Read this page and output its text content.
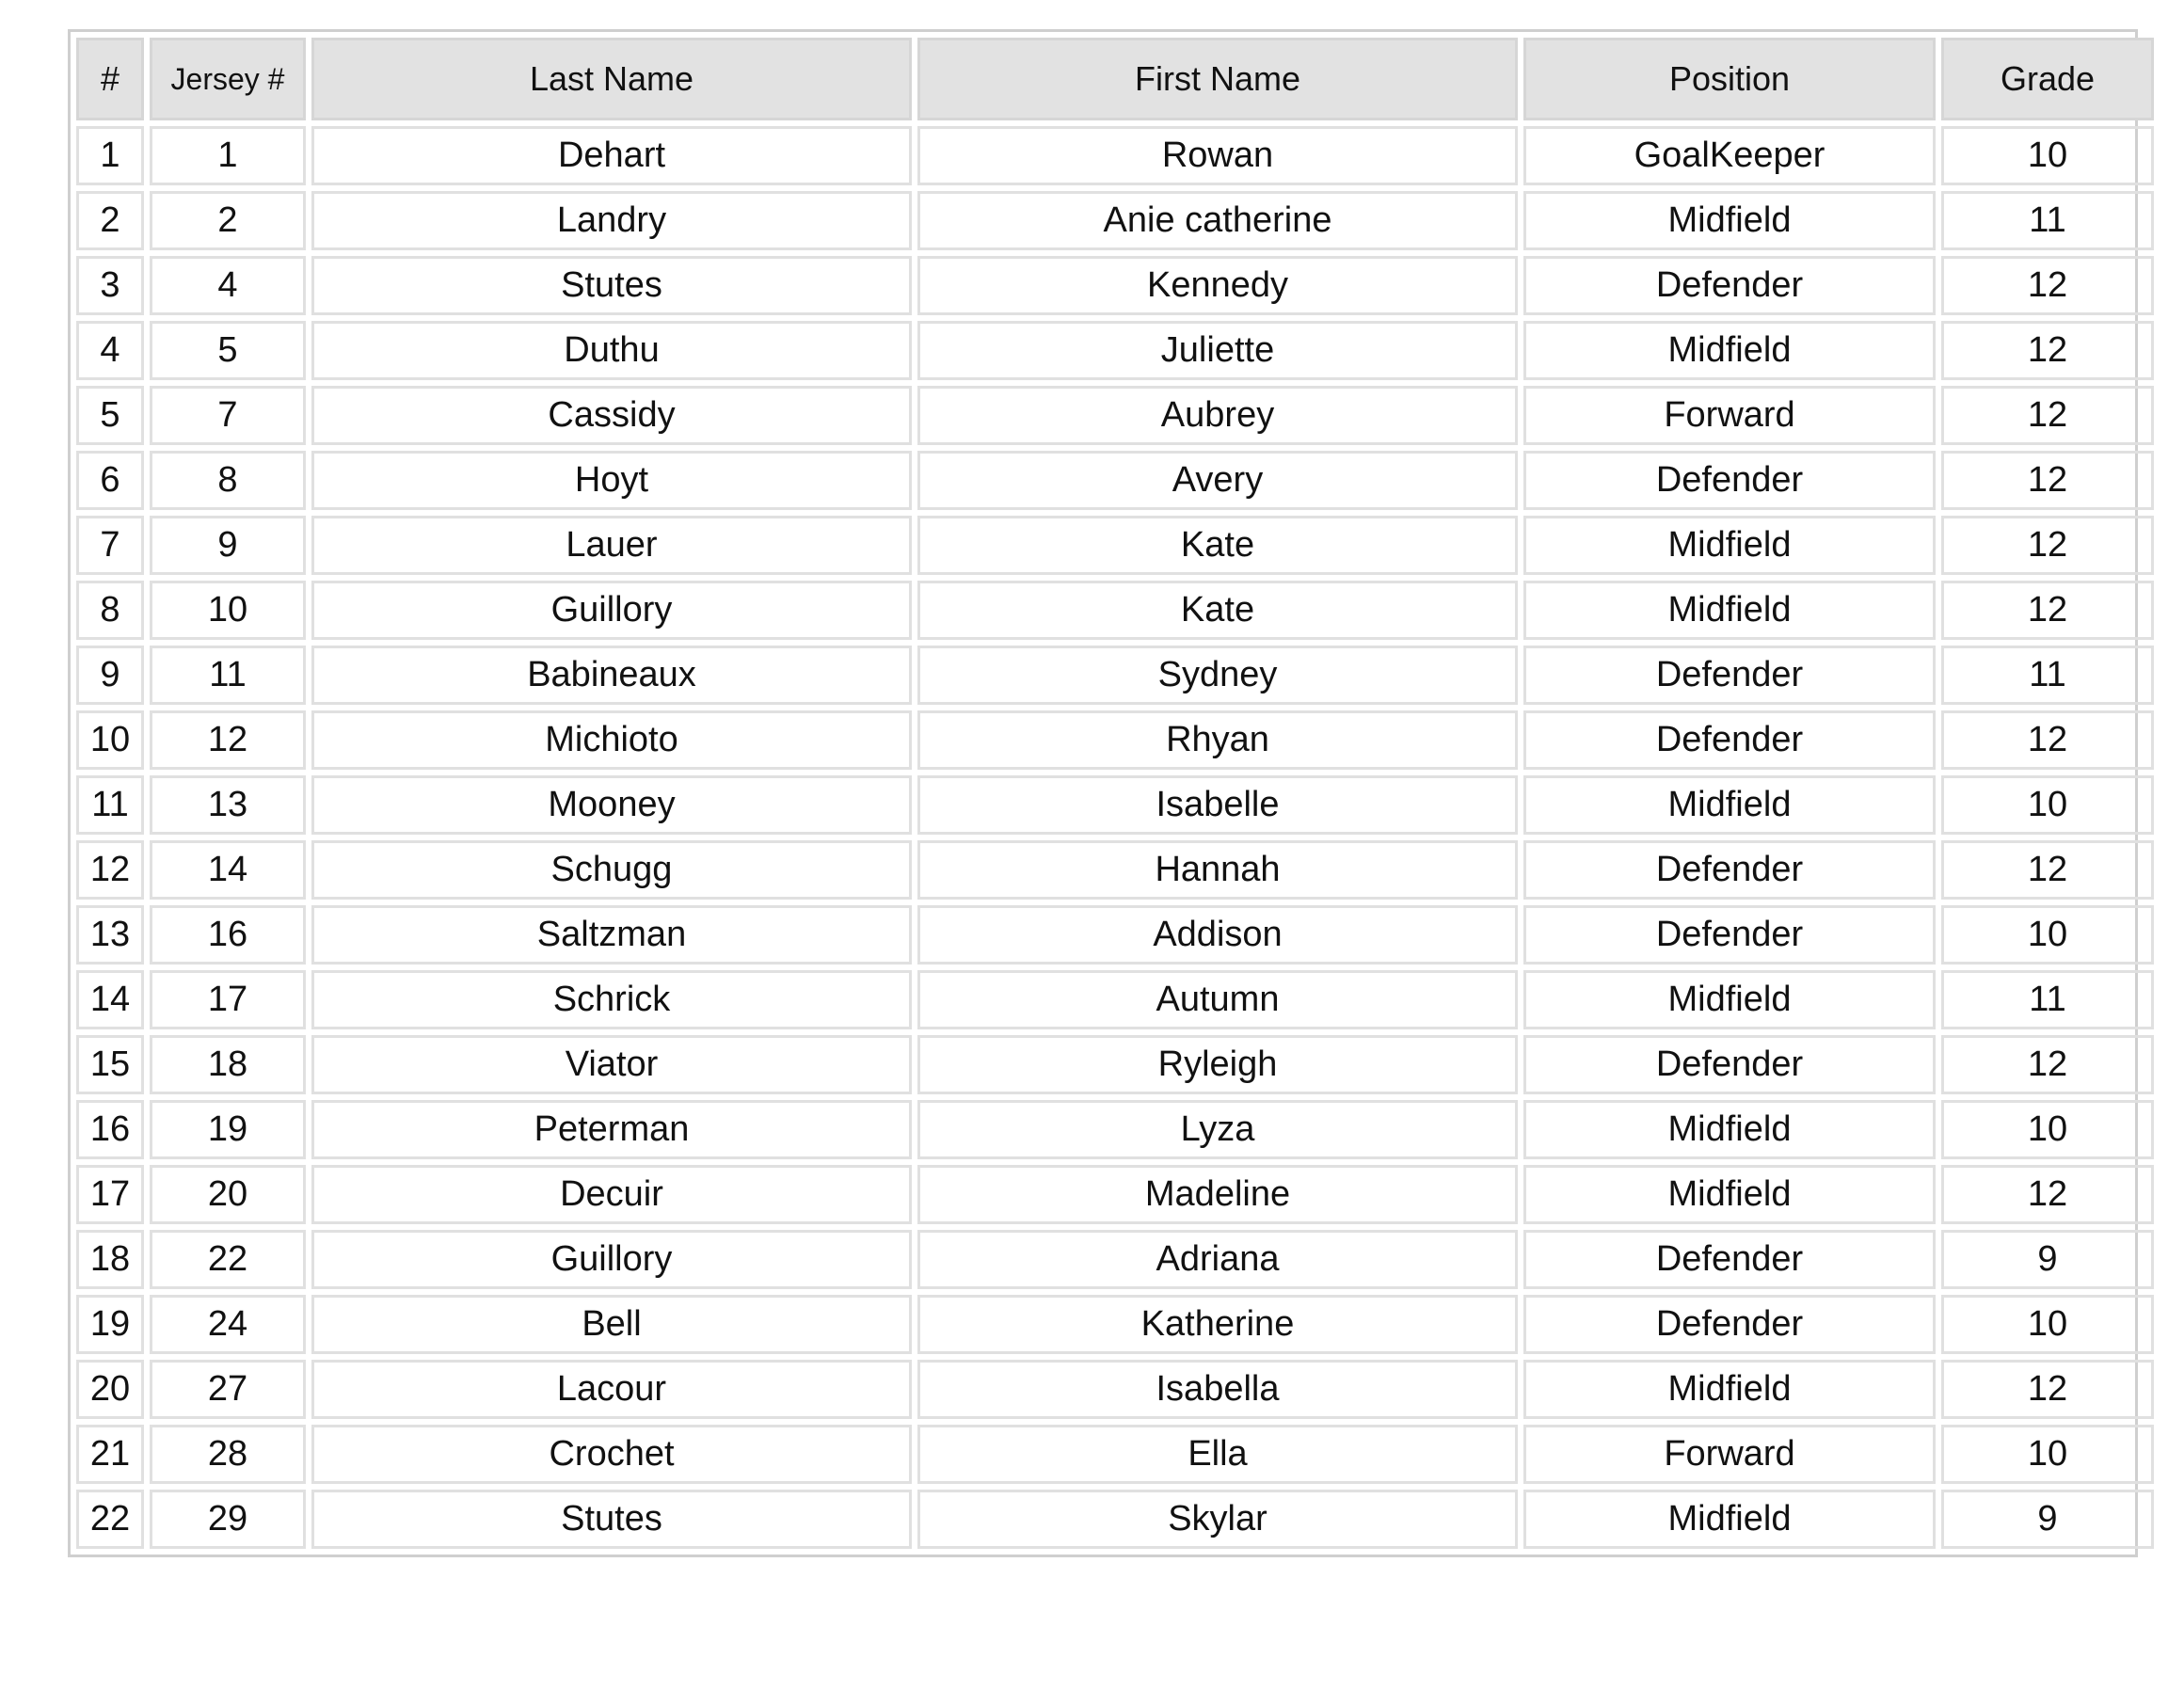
#	Jersey #	Last Name	First Name	Position	Grade
1	1	Dehart	Rowan	GoalKeeper	10
2	2	Landry	Anie catherine	Midfield	11
3	4	Stutes	Kennedy	Defender	12
4	5	Duthu	Juliette	Midfield	12
5	7	Cassidy	Aubrey	Forward	12
6	8	Hoyt	Avery	Defender	12
7	9	Lauer	Kate	Midfield	12
8	10	Guillory	Kate	Midfield	12
9	11	Babineaux	Sydney	Defender	11
10	12	Michioto	Rhyan	Defender	12
11	13	Mooney	Isabelle	Midfield	10
12	14	Schugg	Hannah	Defender	12
13	16	Saltzman	Addison	Defender	10
14	17	Schrick	Autumn	Midfield	11
15	18	Viator	Ryleigh	Defender	12
16	19	Peterman	Lyza	Midfield	10
17	20	Decuir	Madeline	Midfield	12
18	22	Guillory	Adriana	Defender	9
19	24	Bell	Katherine	Defender	10
20	27	Lacour	Isabella	Midfield	12
21	28	Crochet	Ella	Forward	10
22	29	Stutes	Skylar	Midfield	9
